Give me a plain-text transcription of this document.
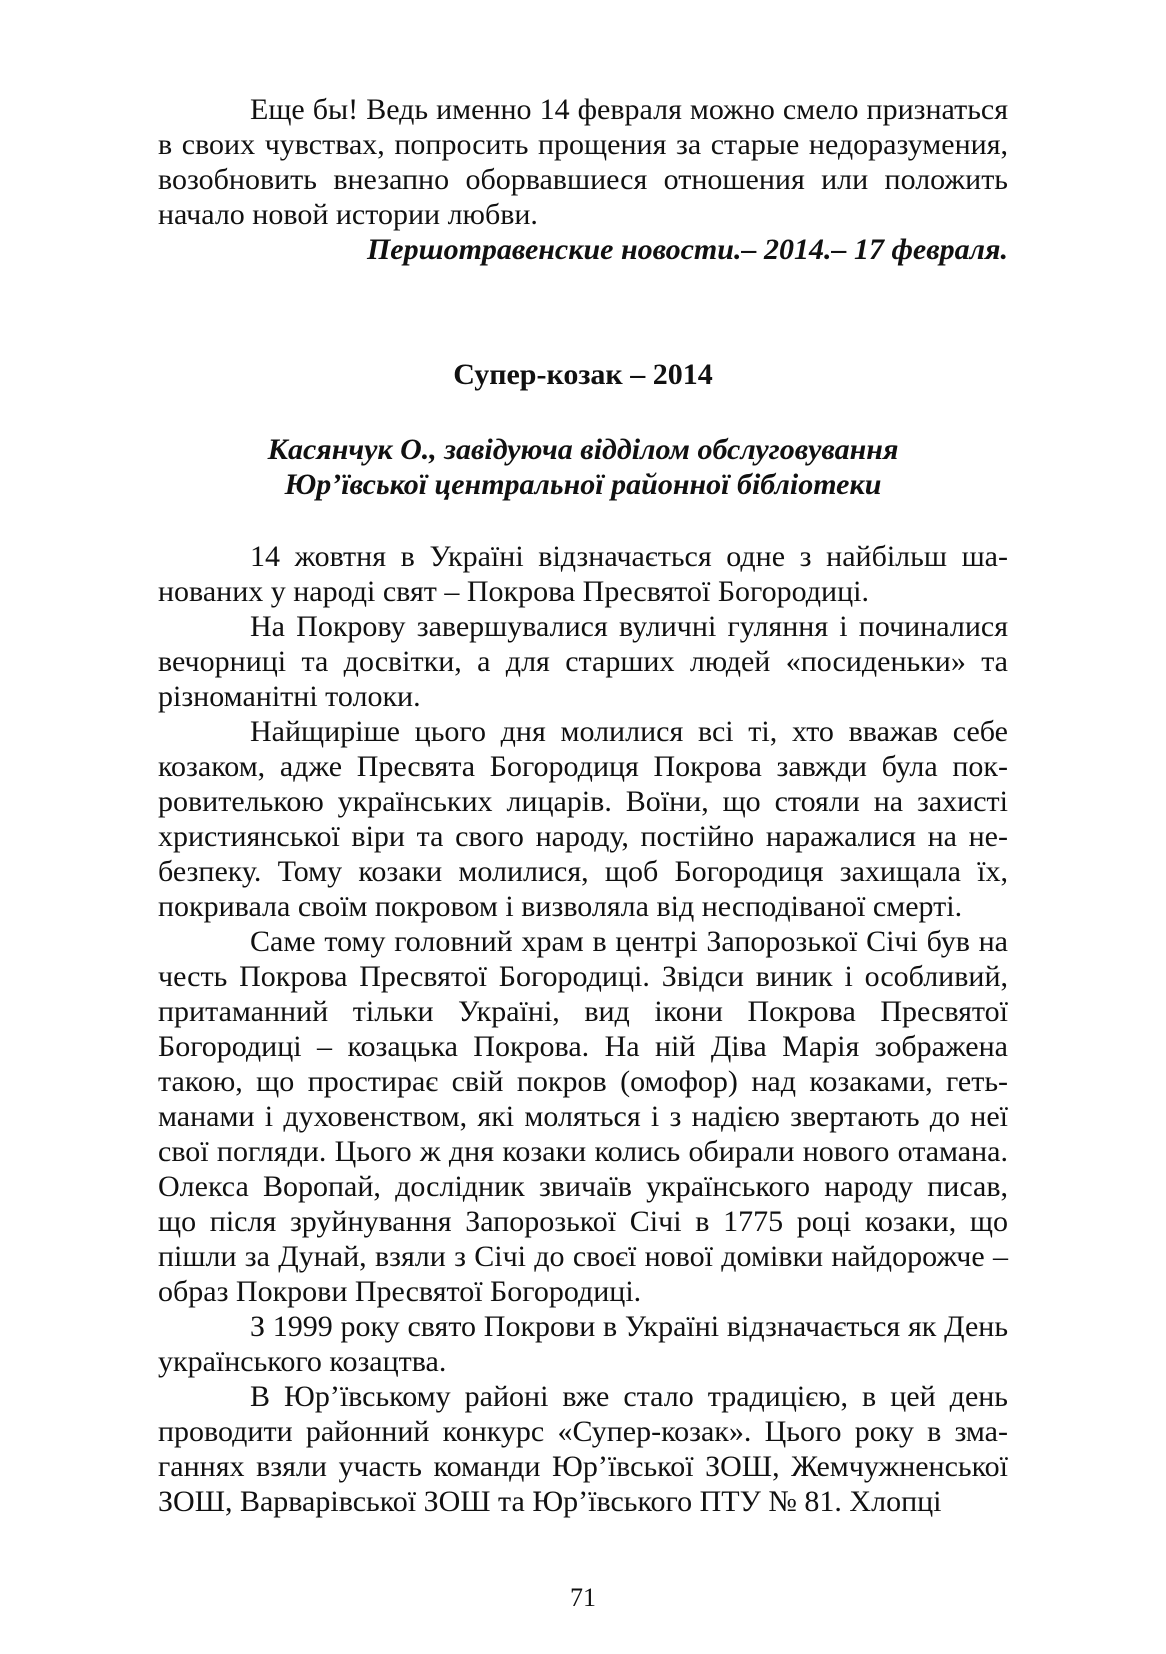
Еще бы! Ведь именно 14 февраля можно смело признаться в своих чувствах, попросить прощения за старые недоразумения, возобновить внезапно оборвавшиеся отношения или положить начало новой истории любви.

Першотравенские новости.– 2014.– 17 февраля.

Супер-козак – 2014
Касянчук О., завідуюча відділом обслуговування
Юр’ївської центральної районної бібліотеки

14 жовтня в Україні відзначається одне з найбільш шанованих у народі свят – Покрова Пресвятої Богородиці.

На Покрову завершувалися вуличні гуляння і починалися вечорниці та досвітки, а для старших людей «посиденьки» та різноманітні толоки.

Найщиріше цього дня молилися всі ті, хто вважав себе козаком, адже Пресвята Богородиця Покрова завжди була покровителькою українських лицарів. Воїни, що стояли на захисті християнської віри та свого народу, постійно наражалися на небезпеку. Тому козаки молилися, щоб Богородиця захищала їх, покривала своїм покровом і визволяла від несподіваної смерті.

Саме тому головний храм в центрі Запорозької Січі був на честь Покрова Пресвятої Богородиці. Звідси виник і особливий, притаманний тільки Україні, вид ікони Покрова Пресвятої Богородиці – козацька Покрова. На ній Діва Марія зображена такою, що простирає свій покров (омофор) над козаками, гетьманами і духовенством, які моляться і з надією звертають до неї свої погляди. Цього ж дня козаки колись обирали нового отамана. Олекса Воропай, дослідник звичаїв українського народу писав, що після зруйнування Запорозької Січі в 1775 році козаки, що пішли за Дунай, взяли з Січі до своєї нової домівки найдорожче – образ Покрови Пресвятої Богородиці.

З 1999 року свято Покрови в Україні відзначається як День українського козацтва.

В Юр’ївському районі вже стало традицією, в цей день проводити районний конкурс «Супер-козак». Цього року в змаганнях взяли участь команди Юр’ївської ЗОШ, Жемчужненської ЗОШ, Варварівської ЗОШ та Юр’ївського ПТУ № 81. Хлопці

71
